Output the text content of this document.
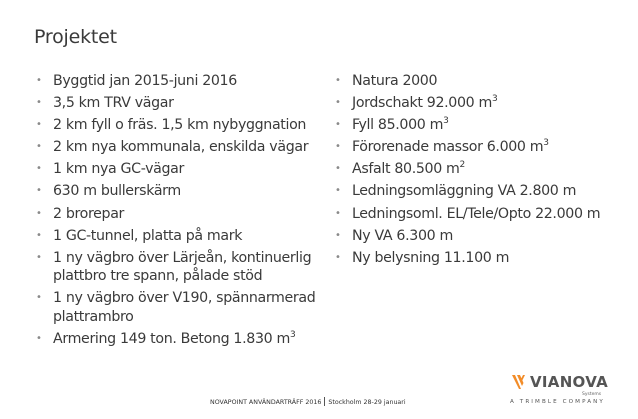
Projektet
• Byggtid jan 2015-juni 2016
• 3,5 km TRV vägar
• 2 km fyll o fräs. 1,5 km nybyggnation
• 2 km nya kommunala, enskilda vägar
• 1 km nya GC-vägar
• 630 m bullerskärm
• 2 brorepar
• 1 GC-tunnel, platta på mark
• 1 ny vägbro över Lärjeån, kontinuerlig plattbro tre spann, pålade stöd
• 1 ny vägbro över V190, spännarmerad plattrambro
• Armering 149 ton. Betong 1.830 $m^3$
• Natura 2000
• Jordschakt 92.000 $m^3$
• Fyll 85.000 $m^3$
• Förorenade massor 6.000 $m^3$
• Asfalt 80.500 $m^2$
• Ledningsomläggning VA 2.800 m
• Ledningsoml. EL/Tele/Opto 22.000 m
• Ny VA 6.300 m
• Ny belysning 11.100 m
NOVAPOINT ANVÄNDARTRÄFF 2016 Stockholm 28-29 januari
VIANOVA
Systems
A TRIMBLE COMPANY
